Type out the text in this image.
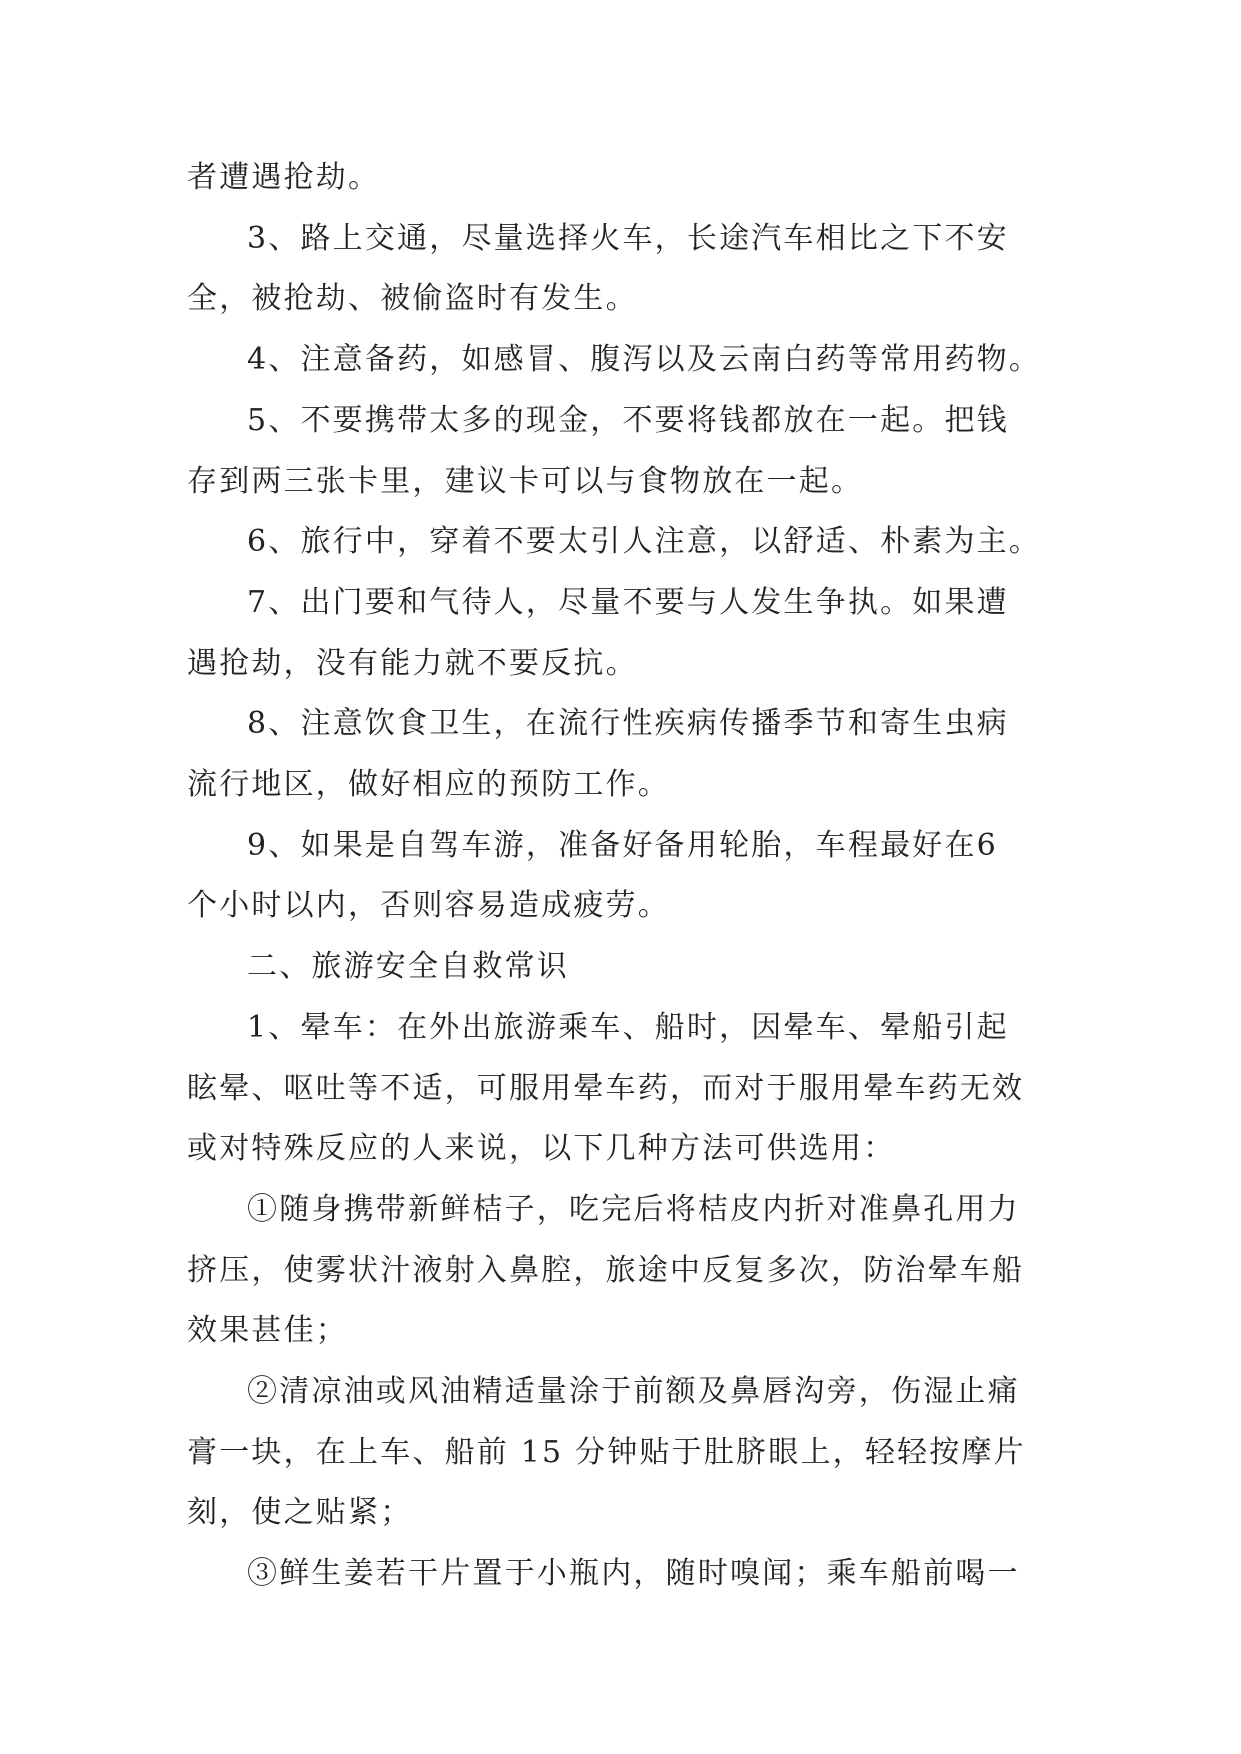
者遭遇抢劫。
3、路上交通，尽量选择火车，长途汽车相比之下不安
全，被抢劫、被偷盗时有发生。
4、注意备药，如感冒、腹泻以及云南白药等常用药物。
5、不要携带太多的现金，不要将钱都放在一起。把钱
存到两三张卡里，建议卡可以与食物放在一起。
6、旅行中，穿着不要太引人注意，以舒适、朴素为主。
7、出门要和气待人，尽量不要与人发生争执。如果遭
遇抢劫，没有能力就不要反抗。
8、注意饮食卫生，在流行性疾病传播季节和寄生虫病
流行地区，做好相应的预防工作。
9、如果是自驾车游，准备好备用轮胎，车程最好在6
个小时以内，否则容易造成疲劳。
二、旅游安全自救常识
1、晕车：在外出旅游乘车、船时，因晕车、晕船引起
眩晕、呕吐等不适，可服用晕车药，而对于服用晕车药无效
或对特殊反应的人来说，以下几种方法可供选用：
①随身携带新鲜桔子，吃完后将桔皮内折对准鼻孔用力
挤压，使雾状汁液射入鼻腔，旅途中反复多次，防治晕车船
效果甚佳；
②清凉油或风油精适量涂于前额及鼻唇沟旁，伤湿止痛
膏一块，在上车、船前 15 分钟贴于肚脐眼上，轻轻按摩片
刻，使之贴紧；
③鲜生姜若干片置于小瓶内，随时嗅闻；乘车船前喝一
